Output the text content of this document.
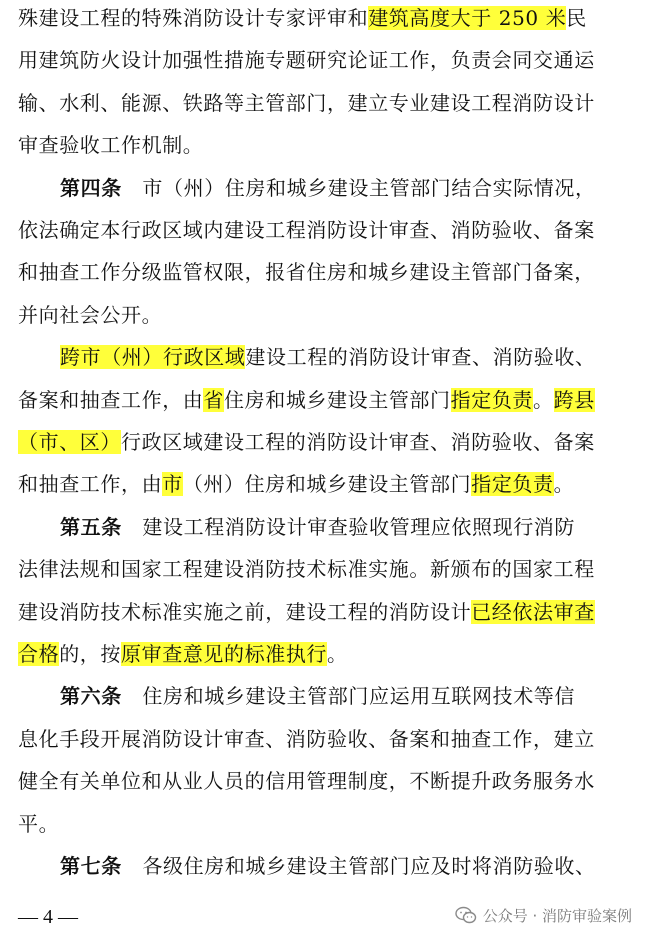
殊建设工程的特殊消防设计专家评审和建筑高度大于 250 米民
用建筑防火设计加强性措施专题研究论证工作，负责会同交通运
输、水利、能源、铁路等主管部门，建立专业建设工程消防设计
审查验收工作机制。
第四条　市（州）住房和城乡建设主管部门结合实际情况，
依法确定本行政区域内建设工程消防设计审查、消防验收、备案
和抽查工作分级监管权限，报省住房和城乡建设主管部门备案，
并向社会公开。
跨市（州）行政区域建设工程的消防设计审查、消防验收、
备案和抽查工作，由省住房和城乡建设主管部门指定负责。跨县
（市、区）行政区域建设工程的消防设计审查、消防验收、备案
和抽查工作，由市（州）住房和城乡建设主管部门指定负责。
第五条　建设工程消防设计审查验收管理应依照现行消防
法律法规和国家工程建设消防技术标准实施。新颁布的国家工程
建设消防技术标准实施之前，建设工程的消防设计已经依法审查
合格的，按原审查意见的标准执行。
第六条　住房和城乡建设主管部门应运用互联网技术等信
息化手段开展消防设计审查、消防验收、备案和抽查工作，建立
健全有关单位和从业人员的信用管理制度，不断提升政务服务水
平。
第七条　各级住房和城乡建设主管部门应及时将消防验收、
— 4 —	公众号 · 消防审验案例
